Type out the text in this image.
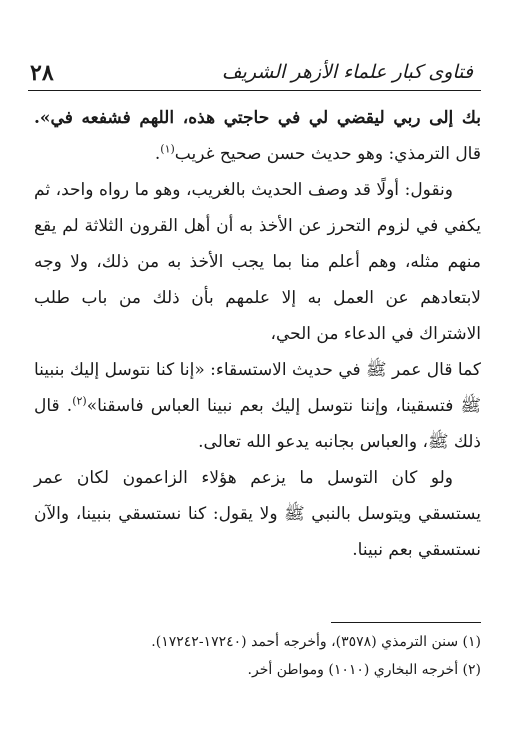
٢٨	فتاوى كبار علماء الأزهر الشريف

بك إلى ربي ليقضي لي في حاجتي هذه، اللهم فشفعه في». قال الترمذي: وهو حديث حسن صحيح غريب$^{(١)}$.

ونقول: أولًا قد وصف الحديث بالغريب، وهو ما رواه واحد، ثم يكفي في لزوم التحرز عن الأخذ به أن أهل القرون الثلاثة لم يقع منهم مثله، وهم أعلم منا بما يجب الأخذ به من ذلك، ولا وجه لابتعادهم عن العمل به إلا علمهم بأن ذلك من باب طلب الاشتراك في الدعاء من الحي،

كما قال عمر ﷺ في حديث الاستسقاء: «إنا كنا نتوسل إليك بنبينا ﷺ فتسقينا، وإننا نتوسل إليك بعم نبينا العباس فاسقنا»$^{(٢)}$. قال ذلك ﷺ، والعباس بجانبه يدعو الله تعالى.

ولو كان التوسل ما يزعم هؤلاء الزاعمون لكان عمر يستسقي ويتوسل بالنبي ﷺ ولا يقول: كنا نستسقي بنبينا، والآن نستسقي بعم نبينا.

(١) سنن الترمذي (٣٥٧٨)، وأخرجه أحمد (١٧٢٤٠-١٧٢٤٢).
(٢) أخرجه البخاري (١٠١٠) ومواطن أخر.
